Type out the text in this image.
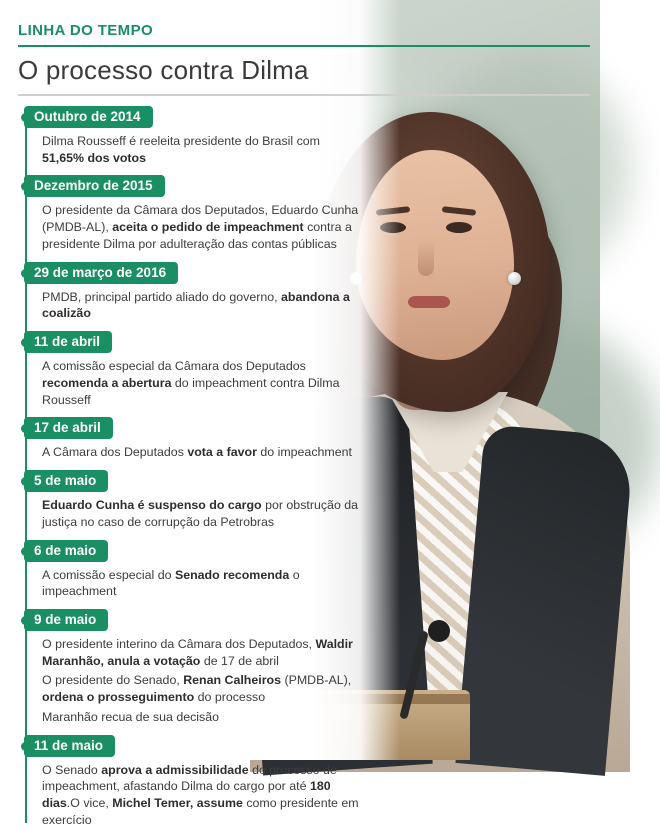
LINHA DO TEMPO
O processo contra Dilma
Outubro de 2014

Dilma Rousseff é reeleita presidente do Brasil com 51,65% dos votos

Dezembro de 2015

O presidente da Câmara dos Deputados, Eduardo Cunha (PMDB-AL), aceita o pedido de impeachment contra a presidente Dilma por adulteração das contas públicas

29 de março de 2016

PMDB, principal partido aliado do governo, abandona a coalizão

11 de abril

A comissão especial da Câmara dos Deputados recomenda a abertura do impeachment contra Dilma Rousseff

17 de abril

A Câmara dos Deputados vota a favor do impeachment

5 de maio

Eduardo Cunha é suspenso do cargo por obstrução da justiça no caso de corrupção da Petrobras

6 de maio

A comissão especial do Senado recomenda o impeachment

9 de maio

O presidente interino da Câmara dos Deputados, Waldir Maranhão, anula a votação de 17 de abril

O presidente do Senado, Renan Calheiros (PMDB-AL), ordena o prosseguimento do processo

Maranhão recua de sua decisão

11 de maio

O Senado aprova a admissibilidade do processo de impeachment, afastando Dilma do cargo por até 180 dias.O vice, Michel Temer, assume como presidente em exercício
